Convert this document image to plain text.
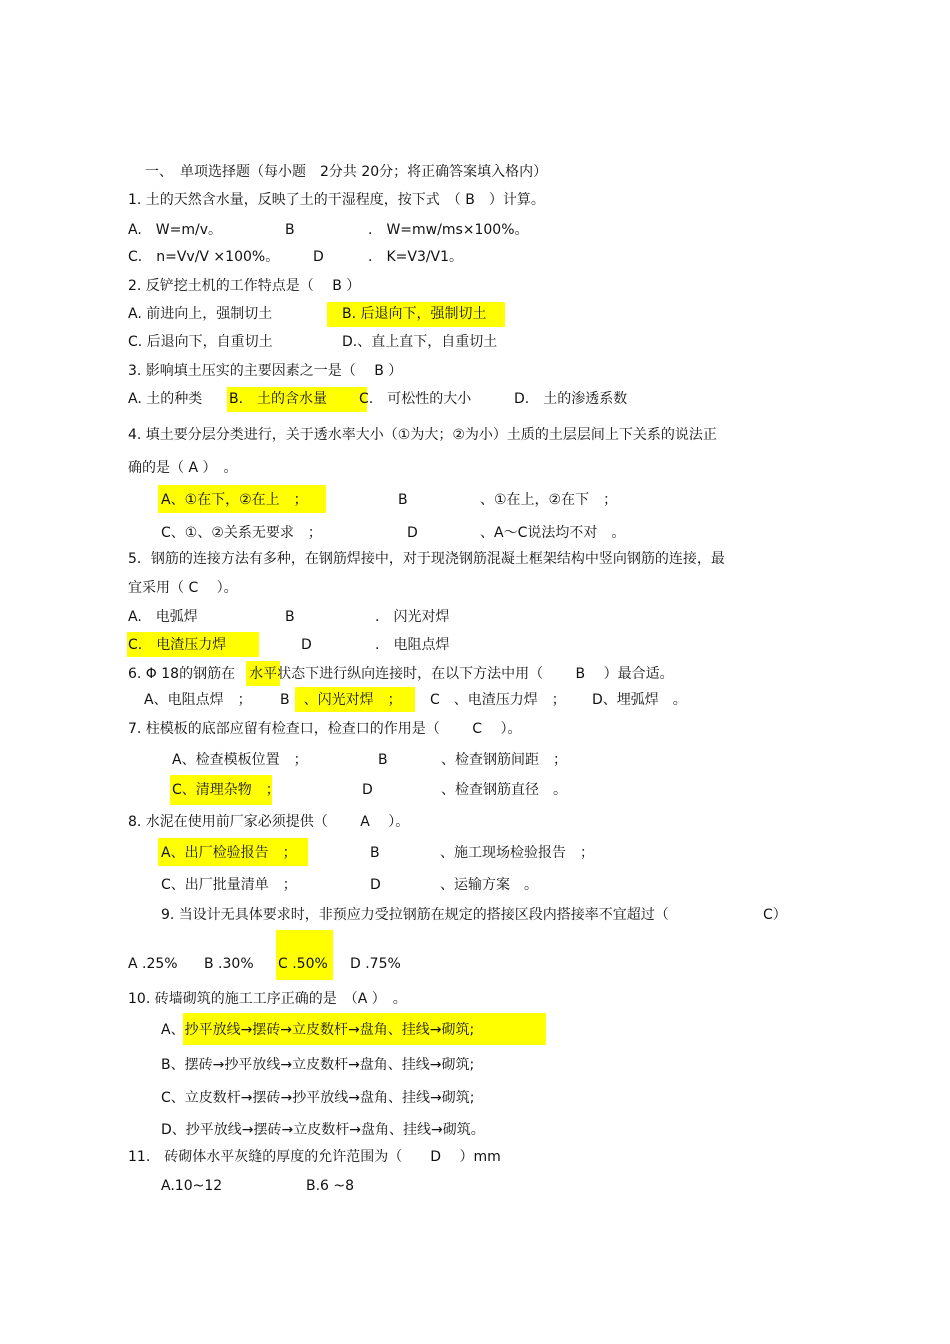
一、　单项选择题（每小题　2分共 20分；将正确答案填入格内）
1. 土的天然含水量，反映了土的干湿程度，按下式　（ B　）计算。
A.　W=m/v。	B	.　W=mw/ms×100%。
C.　n=Vv/V ×100%。 D	.　K=V3/V1。
2. 反铲挖土机的工作特点是（　 B ）
A. 前进向上，强制切土	B. 后退向下，强制切土
C. 后退向下，自重切土	D.、直上直下，自重切土
3. 影响填土压实的主要因素之一是（　 B ）
A. 土的种类 B.　土的含水量 C.　可松性的大小	D.　土的渗透系数
4. 填土要分层分类进行，关于透水率大小（①为大；②为小）土质的土层层间上下关系的说法正
确的是（ A ）　。
A、①在下，②在上　；	B	、①在上，②在下　；
C、①、②关系无要求　；	D	、A～C说法均不对　。
5．钢筋的连接方法有多种，在钢筋焊接中，对于现浇钢筋混凝土框架结构中竖向钢筋的连接，最
宜采用（ C　 ）。
A.　电弧焊	B	.　闪光对焊
C.　电渣压力焊	D	.　电阻点焊
6. Φ 18的钢筋在　水平状态下进行纵向连接时，在以下方法中用（　　 B　 ）最合适。
A、电阻点焊　； B　、闪光对焊　； C　、电渣压力焊　； D、埋弧焊　。
7. 柱模板的底部应留有检查口，检查口的作用是（　　 C　 ）。
A、检查模板位置　；	B	、检查钢筋间距　；
C、清理杂物　；	D	、检查钢筋直径　。
8. 水泥在使用前厂家必须提供（　　 A　 ）。
A、出厂检验报告　；	B	、施工现场检验报告　；
C、出厂批量清单　；	D	、运输方案　。
9. 当设计无具体要求时，非预应力受拉钢筋在规定的搭接区段内搭接率不宜超过（	C）
A .25% B .30% C .50% D .75%
10. 砖墙砌筑的施工工序正确的是　（A ）　。
A、抄平放线→摆砖→立皮数杆→盘角、挂线→砌筑;
B、摆砖→抄平放线→立皮数杆→盘角、挂线→砌筑;
C、立皮数杆→摆砖→抄平放线→盘角、挂线→砌筑;
D、抄平放线→摆砖→立皮数杆→盘角、挂线→砌筑。
11.　砖砌体水平灰缝的厚度的允许范围为（　　D　 ）mm
A.10~12	B.6 ~8
